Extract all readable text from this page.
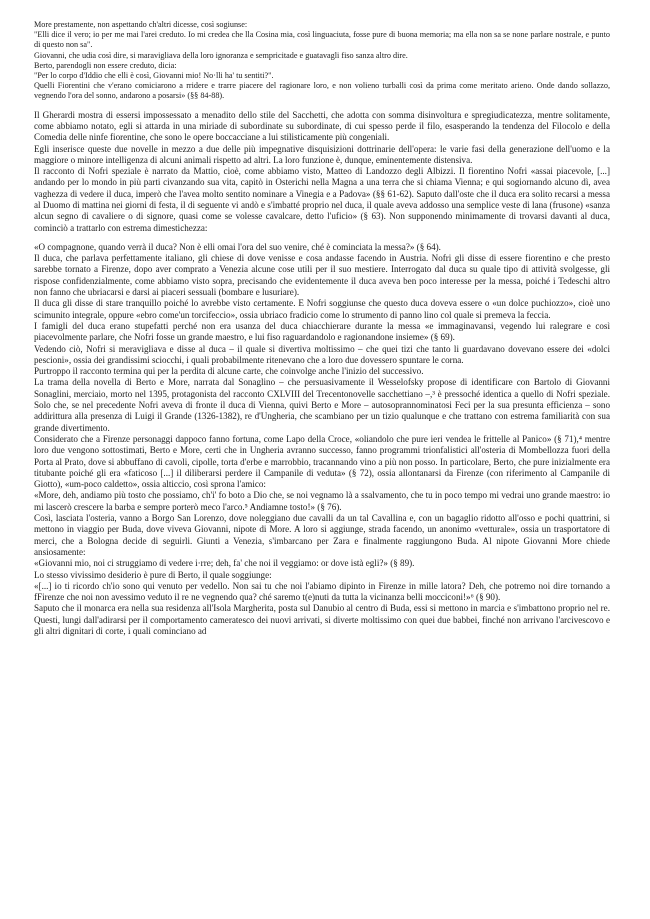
More prestamente, non aspettando ch'altri dicesse, così sogiunse:

"Elli dice il vero; io per me mai l'arei creduto. Io mi credea che lla Cosina mia, così linguaciuta, fosse pure di buona memoria; ma ella non sa se none parlare nostrale, e punto di questo non sa".

Giovanni, che udia così dire, si maravigliava della loro ignoranza e sempricitade e guatavagli fiso sanza altro dire.

Berto, parendogli non essere creduto, dicia:

"Per lo corpo d'Iddio che elli è così, Giovanni mio! No·lli ha' tu sentiti?".

Quelli Fiorentini che v'erano comiciarono a rridere e trarre piacere del ragionare loro, e non volieno turballi così da prima come meritato arieno. Onde dando sollazzo, vegnendo l'ora del sonno, andarono a posarsi» (§§ 84-88).

Il Gherardi mostra di essersi impossessato a menadito dello stile del Sacchetti, che adotta con somma disinvoltura e spregiudicatezza, mentre solitamente, come abbiamo notato, egli si attarda in una miriade di subordinate su subordinate, di cui spesso perde il filo, esasperando la tendenza del Filocolo e della Comedia delle ninfe fiorentine, che sono le opere boccacciane a lui stilisticamente più congeniali.

Egli inserisce queste due novelle in mezzo a due delle più impegnative disquisizioni dottrinarie dell'opera: le varie fasi della generazione dell'uomo e la maggiore o minore intelligenza di alcuni animali rispetto ad altri. La loro funzione è, dunque, eminentemente distensiva.

Il racconto di Nofri speziale è narrato da Mattio, cioè, come abbiamo visto, Matteo di Landozzo degli Albizzi. Il fiorentino Nofri «assai piacevole, [...] andando per lo mondo in più parti civanzando sua vita, capitò in Osterichi nella Magna a una terra che si chiama Vienna; e qui sogiornando alcuno dì, avea vaghezza di vedere il duca, imperò che l'avea molto sentito nominare a Vinegia e a Padova» (§§ 61-62). Saputo dall'oste che il duca era solito recarsi a messa al Duomo di mattina nei giorni di festa, il di seguente vi andò e s'imbatté proprio nel duca, il quale aveva addosso una semplice veste di lana (frusone) «sanza alcun segno di cavaliere o di signore, quasi come se volesse cavalcare, detto l'uficio» (§ 63). Non supponendo minimamente di trovarsi davanti al duca, cominciò a trattarlo con estrema dimestichezza:

«O compagnone, quando verrà il duca? Non è elli omai l'ora del suo venire, ché è cominciata la messa?» (§ 64).

Il duca, che parlava perfettamente italiano, gli chiese di dove venisse e cosa andasse facendo in Austria. Nofri gli disse di essere fiorentino e che presto sarebbe tornato a Firenze, dopo aver comprato a Venezia alcune cose utili per il suo mestiere. Interrogato dal duca su quale tipo di attività svolgesse, gli rispose confidenzialmente, come abbiamo visto sopra, precisando che evidentemente il duca aveva ben poco interesse per la messa, poiché i Tedeschi altro non fanno che ubriacarsi e darsi ai piaceri sessuali (bombare e lusuriare).

Il duca gli disse di stare tranquillo poiché lo avrebbe visto certamente. E Nofri soggiunse che questo duca doveva essere o «un dolce puchiozzo», cioè uno scimunito integrale, oppure «ebro come'un torcifeccio», ossia ubriaco fradicio come lo strumento di panno lino col quale si premeva la feccia.

I famigli del duca erano stupefatti perché non era usanza del duca chiacchierare durante la messa «e immaginavansi, vegendo lui ralegrare e così piacevolmente parlare, che Nofri fosse un grande maestro, e lui fiso raguardandolo e ragionandone insieme» (§ 69).

Vedendo ciò, Nofri si meravigliava e disse al duca – il quale si divertiva moltissimo – che quei tizi che tanto li guardavano dovevano essere dei «dolci pescioni», ossia dei grandissimi sciocchi, i quali probabilmente ritenevano che a loro due dovessero spuntare le corna.

Purtroppo il racconto termina qui per la perdita di alcune carte, che coinvolge anche l'inizio del successivo.

La trama della novella di Berto e More, narrata dal Sonaglino – che persuasivamente il Wesselofsky propose di identificare con Bartolo di Giovanni Sonaglini, merciaio, morto nel 1395, protagonista del racconto CXLVIII del Trecentonovelle sacchettiano –,³ è pressoché identica a quello di Nofri speziale. Solo che, se nel precedente Nofri aveva di fronte il duca di Vienna, quivi Berto e More – autosoprannominatosi Feci per la sua presunta efficienza – sono addirittura alla presenza di Luigi il Grande (1326-1382), re d'Ungheria, che scambiano per un tizio qualunque e che trattano con estrema familiarità con sua grande divertimento.

Considerato che a Firenze personaggi dappoco fanno fortuna, come Lapo della Croce, «oliandolo che pure ieri vendea le frittelle al Panico» (§ 71),⁴ mentre loro due vengono sottostimati, Berto e More, certi che in Ungheria avranno successo, fanno programmi trionfalistici all'osteria di Mombellozza fuori della Porta al Prato, dove si abbuffano di cavoli, cipolle, torta d'erbe e marrobbio, tracannando vino a più non posso. In particolare, Berto, che pure inizialmente era titubante poiché gli era «faticoso [...] il diliberarsi perdere il Campanile di veduta» (§ 72), ossia allontanarsi da Firenze (con riferimento al Campanile di Giotto), «um-poco caldetto», ossia alticcio, così sprona l'amico:

«More, deh, andiamo più tosto che possiamo, ch'i' fo boto a Dio che, se noi vegnamo là a ssalvamento, che tu in poco tempo mi vedrai uno grande maestro: io mi lascerò crescere la barba e sempre porterò meco l'arco.⁵ Andiamne tosto!» (§ 76).

Così, lasciata l'osteria, vanno a Borgo San Lorenzo, dove noleggiano due cavalli da un tal Cavallina e, con un bagaglio ridotto all'osso e pochi quattrini, si mettono in viaggio per Buda, dove viveva Giovanni, nipote di More. A loro si aggiunge, strada facendo, un anonimo «vetturale», ossia un trasportatore di merci, che a Bologna decide di seguirli. Giunti a Venezia, s'imbarcano per Zara e finalmente raggiungono Buda. Al nipote Giovanni More chiede ansiosamente:

«Giovanni mio, noi ci struggiamo di vedere i·rre; deh, fa' che noi il veggiamo: or dove istà egli?» (§ 89).

Lo stesso vivissimo desiderio è pure di Berto, il quale soggiunge:

«[...] io ti ricordo ch'io sono qui venuto per vedello. Non sai tu che noi l'abiamo dipinto in Firenze in mille latora? Deh, che potremo noi dire tornando a fFirenze che noi non avessimo veduto il re ne vegnendo qua? ché saremo t(e)nuti da tutta la vicinanza belli mocciconi!»⁶ (§ 90).

Saputo che il monarca era nella sua residenza all'Isola Margherita, posta sul Danubio al centro di Buda, essi si mettono in marcia e s'imbattono proprio nel re. Questi, lungi dall'adirarsi per il comportamento cameratesco dei nuovi arrivati, si diverte moltissimo con quei due babbei, finché non arrivano l'arcivescovo e gli altri dignitari di corte, i quali cominciano ad
